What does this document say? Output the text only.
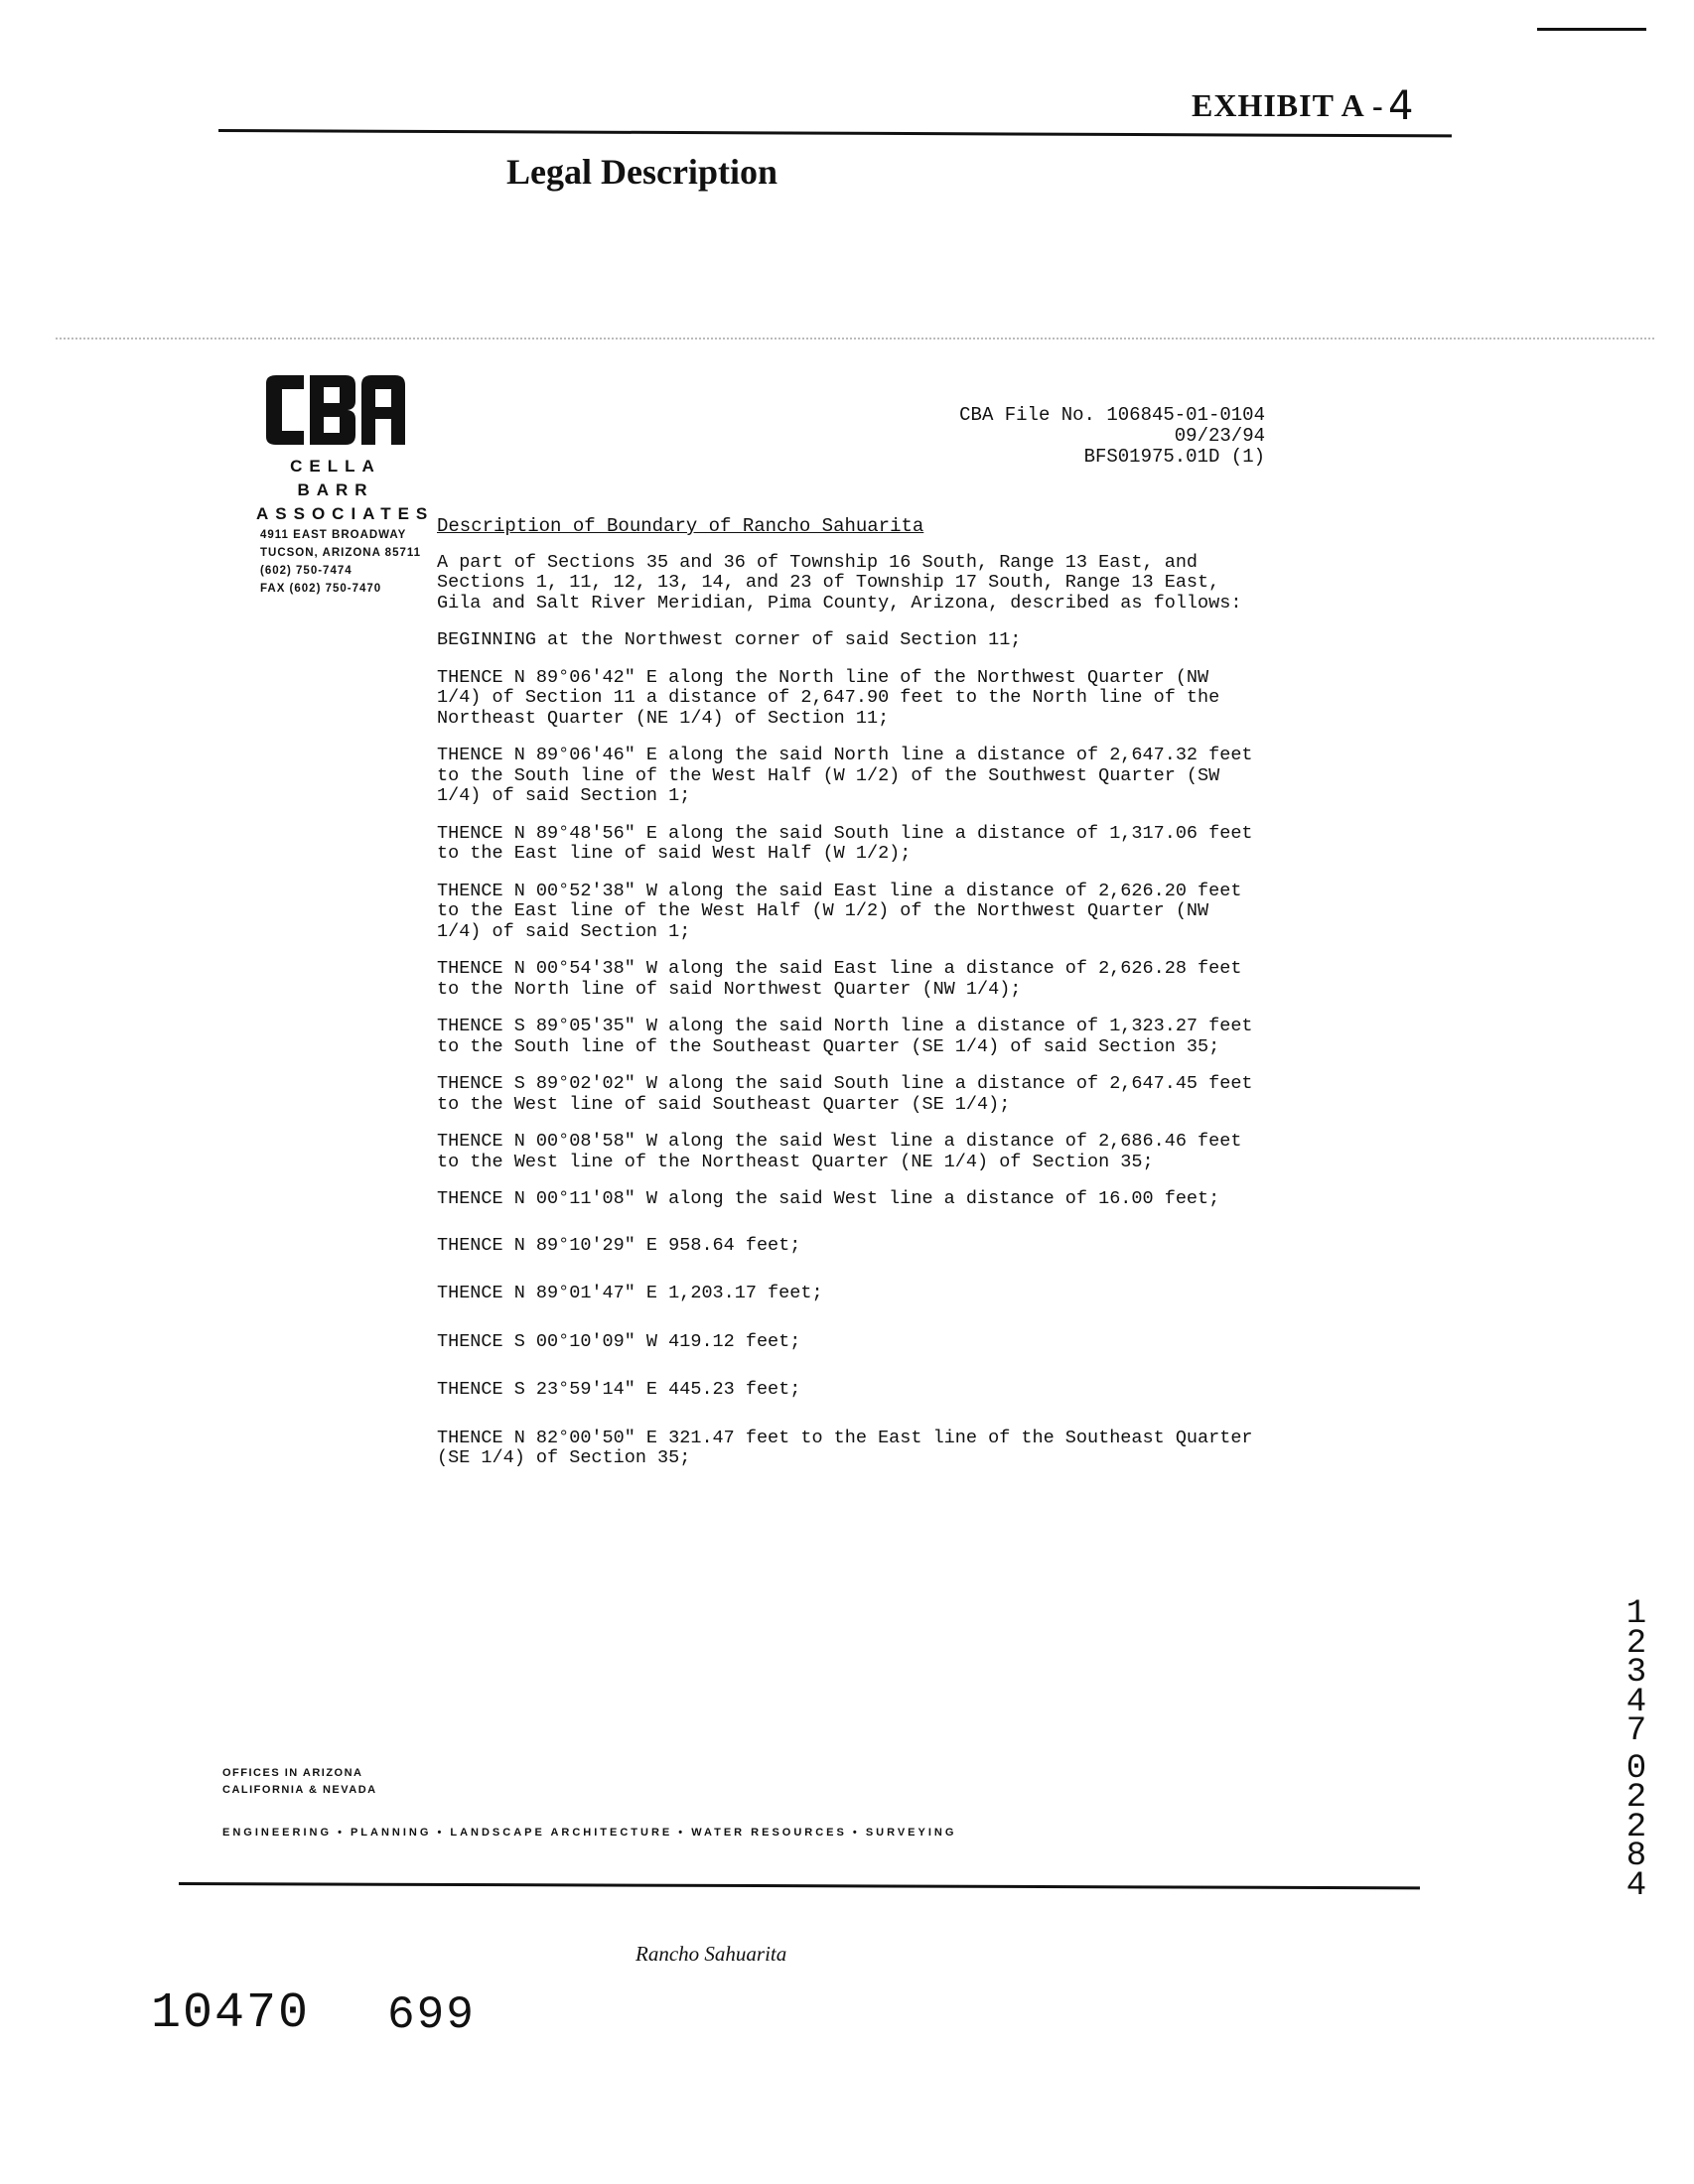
EXHIBIT A - 4
Legal Description
CELLA BARR
ASSOCIATES
4911 EAST BROADWAY
TUCSON, ARIZONA 85711
(602) 750-7474
FAX (602) 750-7470
CBA File No. 106845-01-0104
09/23/94
BFS01975.01D (1)
Description of Boundary of Rancho Sahuarita

A part of Sections 35 and 36 of Township 16 South, Range 13 East, and Sections 1, 11, 12, 13, 14, and 23 of Township 17 South, Range 13 East, Gila and Salt River Meridian, Pima County, Arizona, described as follows:

BEGINNING at the Northwest corner of said Section 11;

THENCE N 89°06'42" E along the North line of the Northwest Quarter (NW 1/4) of Section 11 a distance of 2,647.90 feet to the North line of the Northeast Quarter (NE 1/4) of Section 11;

THENCE N 89°06'46" E along the said North line a distance of 2,647.32 feet to the South line of the West Half (W 1/2) of the Southwest Quarter (SW 1/4) of said Section 1;

THENCE N 89°48'56" E along the said South line a distance of 1,317.06 feet to the East line of said West Half (W 1/2);

THENCE N 00°52'38" W along the said East line a distance of 2,626.20 feet to the East line of the West Half (W 1/2) of the Northwest Quarter (NW 1/4) of said Section 1;

THENCE N 00°54'38" W along the said East line a distance of 2,626.28 feet to the North line of said Northwest Quarter (NW 1/4);

THENCE S 89°05'35" W along the said North line a distance of 1,323.27 feet to the South line of the Southeast Quarter (SE 1/4) of said Section 35;

THENCE S 89°02'02" W along the said South line a distance of 2,647.45 feet to the West line of said Southeast Quarter (SE 1/4);

THENCE N 00°08'58" W along the said West line a distance of 2,686.46 feet to the West line of the Northeast Quarter (NE 1/4) of Section 35;

THENCE N 00°11'08" W along the said West line a distance of 16.00 feet;

THENCE N 89°10'29" E 958.64 feet;

THENCE N 89°01'47" E 1,203.17 feet;

THENCE S 00°10'09" W 419.12 feet;

THENCE S 23°59'14" E 445.23 feet;

THENCE N 82°00'50" E 321.47 feet to the East line of the Southeast Quarter (SE 1/4) of Section 35;

OFFICES IN ARIZONA
CALIFORNIA & NEVADA
ENGINEERING • PLANNING • LANDSCAPE ARCHITECTURE • WATER RESOURCES • SURVEYING
Rancho Sahuarita
10470 699
1
2
3
4
7
0
2
2
8
4
